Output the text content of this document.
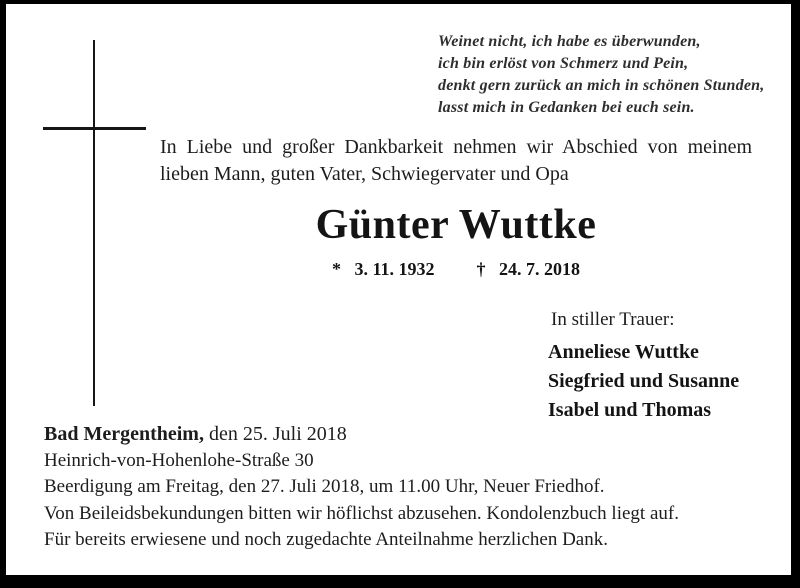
Weinet nicht, ich habe es überwunden,
ich bin erlöst von Schmerz und Pein,
denkt gern zurück an mich in schönen Stunden,
lasst mich in Gedanken bei euch sein.
In Liebe und großer Dankbarkeit nehmen wir Abschied von meinem lieben Mann, guten Vater, Schwiegervater und Opa
Günter Wuttke
* 3. 11. 1932 † 24. 7. 2018
In stiller Trauer:
Anneliese Wuttke
Siegfried und Susanne
Isabel und Thomas
Bad Mergentheim, den 25. Juli 2018
Heinrich-von-Hohenlohe-Straße 30
Beerdigung am Freitag, den 27. Juli 2018, um 11.00 Uhr, Neuer Friedhof.
Von Beileidsbekundungen bitten wir höflichst abzusehen. Kondolenzbuch liegt auf.
Für bereits erwiesene und noch zugedachte Anteilnahme herzlichen Dank.
